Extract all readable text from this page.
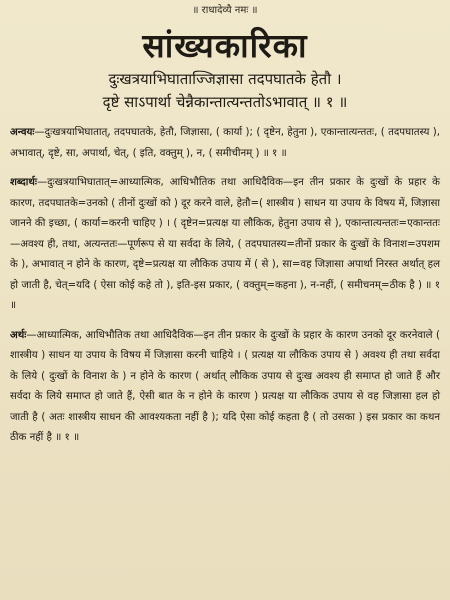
॥ राधादेव्यै नमः ॥
सांख्यकारिका
दुःखत्रयाभिघाताज्जिज्ञासा तदपघातके हेतौ ।
दृष्टे साऽपार्था चेन्नैकान्तात्यन्ततोऽभावात् ॥ १ ॥
अन्वयः—दुःखत्रयाभिघातात्, तदपघातके, हेतौ, जिज्ञासा, ( कार्या ); ( दृष्टेन, हेतुना ), एकान्तात्यन्ततः, ( तदपघातस्य ), अभावात्, दृष्टे, सा, अपार्था, चेत्, ( इति, वक्तुम् ), न, ( समीचीनम् ) ॥ १ ॥
शब्दार्थः—दुःखत्रयाभिघातात्=आध्यात्मिक, आधिभौतिक तथा आधिदैविक—इन तीन प्रकार के दुःखों के प्रहार के कारण, तदपघातके=उनको ( तीनों दुःखों को ) दूर करने वाले, हेतौ=( शास्त्रीय ) साधन या उपाय के विषय में, जिज्ञासा जानने की इच्छा, ( कार्या=करनी चाहिए ) । ( दृष्टेन=प्रत्यक्ष या लौकिक, हेतुना उपाय से ), एकान्तात्यन्ततः=एकान्ततः—अवश्य ही, तथा, अत्यन्ततः—पूर्णरूप से या सर्वदा के लिये, ( तदपघातस्य=तीनों प्रकार के दुःखों के विनाश=उपशम के ), अभावात् न होने के कारण, दृष्टे=प्रत्यक्ष या लौकिक उपाय में ( से ), सा=वह जिज्ञासा अपार्था निरस्त अर्थात् हल हो जाती है, चेत्=यदि ( ऐसा कोई कहे तो ), इति-इस प्रकार, ( वक्तुम्=कहना ), न-नहीं, ( समीचनम्=ठीक है ) ॥ १ ॥
अर्थः—आध्यात्मिक, आधिभौतिक तथा आधिदैविक—इन तीन प्रकार के दुःखों के प्रहार के कारण उनको दूर करनेवाले ( शास्त्रीय ) साधन या उपाय के विषय में जिज्ञासा करनी चाहिये । ( प्रत्यक्ष या लौकिक उपाय से ) अवश्य ही तथा सर्वदा के लिये ( दुःखों के विनाश के ) न होने के कारण ( अर्थात् लौकिक उपाय से दुःख अवश्य ही समाप्त हो जाते हैं और सर्वदा के लिये समाप्त हो जाते हैं, ऐसी बात के न होने के कारण ) प्रत्यक्ष या लौकिक उपाय से वह जिज्ञासा हल हो जाती है ( अतः शास्त्रीय साधन की आवश्यकता नहीं है ); यदि ऐसा कोई कहता है ( तो उसका ) इस प्रकार का कथन ठीक नहीं है ॥ १ ॥
